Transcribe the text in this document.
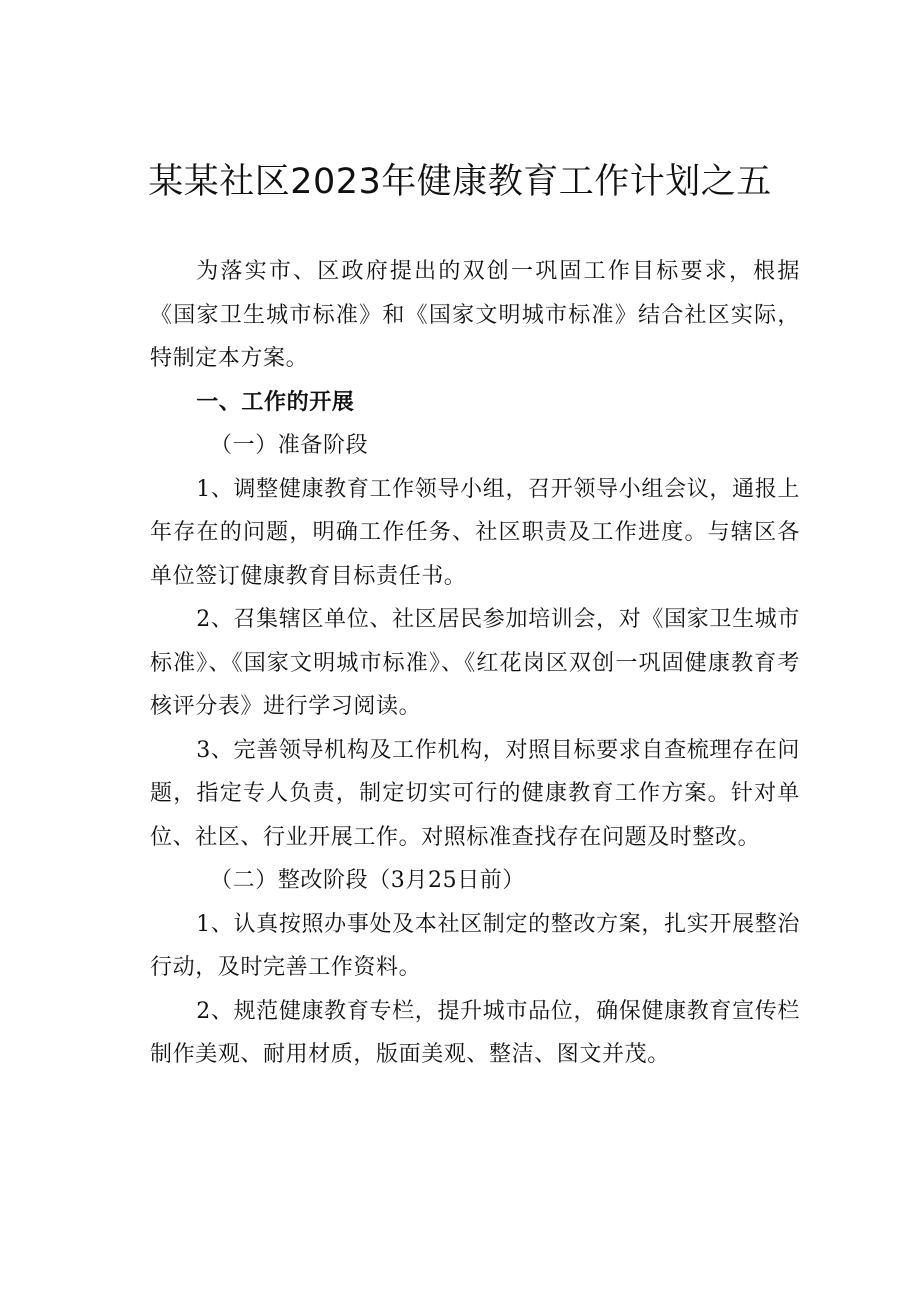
某某社区2023年健康教育工作计划之五

为落实市、区政府提出的双创一巩固工作目标要求，根据《国家卫生城市标准》和《国家文明城市标准》结合社区实际，特制定本方案。

一、工作的开展

（一）准备阶段

1、调整健康教育工作领导小组，召开领导小组会议，通报上年存在的问题，明确工作任务、社区职责及工作进度。与辖区各单位签订健康教育目标责任书。

2、召集辖区单位、社区居民参加培训会，对《国家卫生城市标准》、《国家文明城市标准》、《红花岗区双创一巩固健康教育考核评分表》进行学习阅读。

3、完善领导机构及工作机构，对照目标要求自查梳理存在问题，指定专人负责，制定切实可行的健康教育工作方案。针对单位、社区、行业开展工作。对照标准查找存在问题及时整改。

（二）整改阶段（3月25日前）

1、认真按照办事处及本社区制定的整改方案，扎实开展整治行动，及时完善工作资料。

2、规范健康教育专栏，提升城市品位，确保健康教育宣传栏制作美观、耐用材质，版面美观、整洁、图文并茂。
